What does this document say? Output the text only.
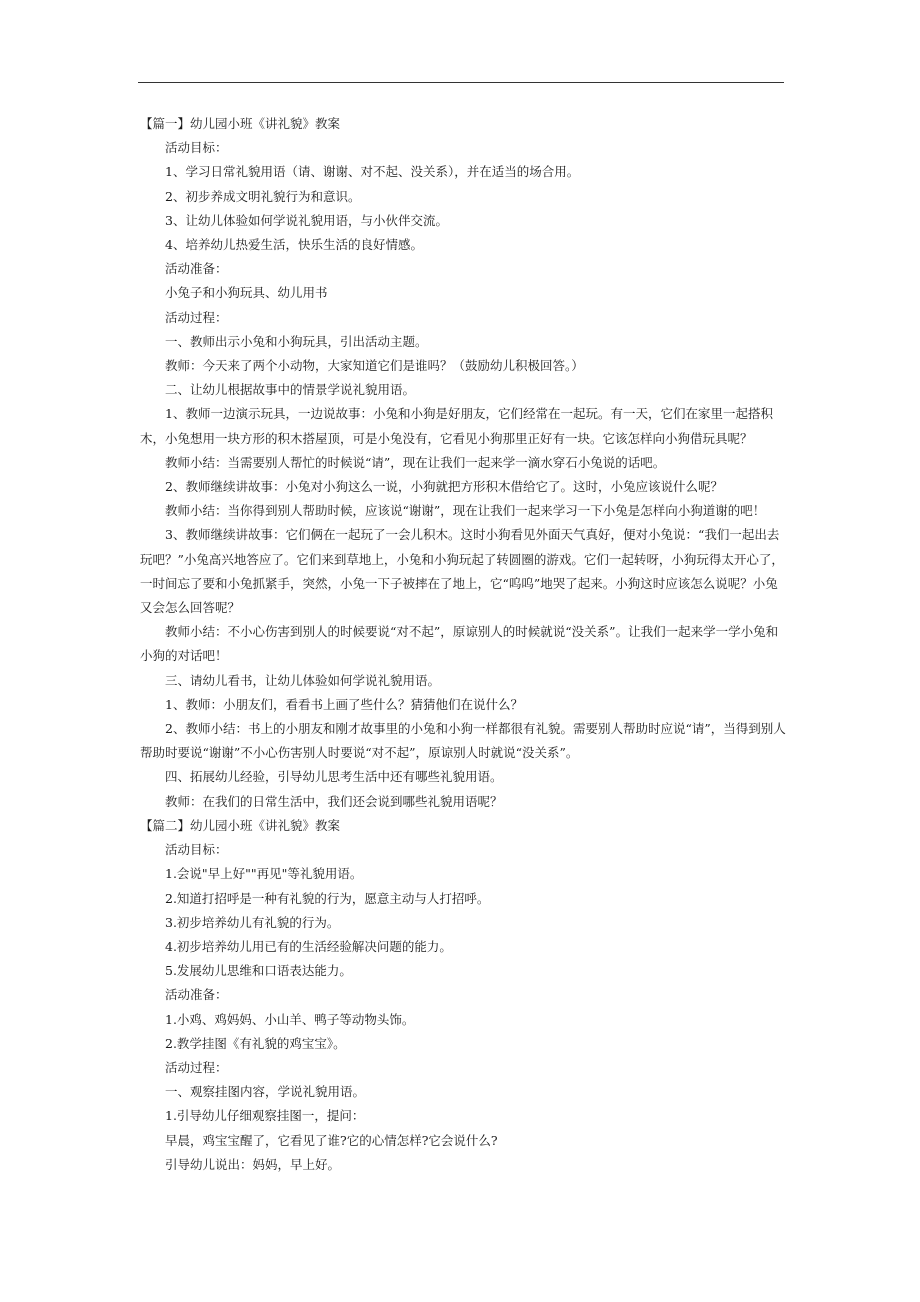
【篇一】幼儿园小班《讲礼貌》教案

活动目标：

1、学习日常礼貌用语（请、谢谢、对不起、没关系），并在适当的场合用。

2、初步养成文明礼貌行为和意识。

3、让幼儿体验如何学说礼貌用语，与小伙伴交流。

4、培养幼儿热爱生活，快乐生活的良好情感。

活动准备：

小兔子和小狗玩具、幼儿用书

活动过程：

一、教师出示小兔和小狗玩具，引出活动主题。

教师：今天来了两个小动物，大家知道它们是谁吗？（鼓励幼儿积极回答。）

二、让幼儿根据故事中的情景学说礼貌用语。

1、教师一边演示玩具，一边说故事：小兔和小狗是好朋友，它们经常在一起玩。有一天，它们在家里一起搭积木，小兔想用一块方形的积木搭屋顶，可是小兔没有，它看见小狗那里正好有一块。它该怎样向小狗借玩具呢？

教师小结：当需要别人帮忙的时候说“请”，现在让我们一起来学一滴水穿石小兔说的话吧。

2、教师继续讲故事：小兔对小狗这么一说，小狗就把方形积木借给它了。这时，小兔应该说什么呢？

教师小结：当你得到别人帮助时候，应该说“谢谢”，现在让我们一起来学习一下小兔是怎样向小狗道谢的吧！

3、教师继续讲故事：它们俩在一起玩了一会儿积木。这时小狗看见外面天气真好，便对小兔说：“我们一起出去玩吧？”小兔高兴地答应了。它们来到草地上，小兔和小狗玩起了转圆圈的游戏。它们一起转呀，小狗玩得太开心了，一时间忘了要和小兔抓紧手，突然，小兔一下子被摔在了地上，它“呜呜”地哭了起来。小狗这时应该怎么说呢？小兔又会怎么回答呢？

教师小结：不小心伤害到别人的时候要说“对不起”，原谅别人的时候就说“没关系”。让我们一起来学一学小兔和小狗的对话吧！

三、请幼儿看书，让幼儿体验如何学说礼貌用语。

1、教师：小朋友们，看看书上画了些什么？猜猜他们在说什么？

2、教师小结：书上的小朋友和刚才故事里的小兔和小狗一样都很有礼貌。需要别人帮助时应说“请”，当得到别人帮助时要说“谢谢”不小心伤害别人时要说“对不起”，原谅别人时就说“没关系”。

四、拓展幼儿经验，引导幼儿思考生活中还有哪些礼貌用语。

教师：在我们的日常生活中，我们还会说到哪些礼貌用语呢？

【篇二】幼儿园小班《讲礼貌》教案

活动目标：

1.会说"早上好""再见"等礼貌用语。

2.知道打招呼是一种有礼貌的行为，愿意主动与人打招呼。

3.初步培养幼儿有礼貌的行为。

4.初步培养幼儿用已有的生活经验解决问题的能力。

5.发展幼儿思维和口语表达能力。

活动准备：

1.小鸡、鸡妈妈、小山羊、鸭子等动物头饰。

2.教学挂图《有礼貌的鸡宝宝》。

活动过程：

一、观察挂图内容，学说礼貌用语。

1.引导幼儿仔细观察挂图一，提问：

早晨，鸡宝宝醒了，它看见了谁?它的心情怎样?它会说什么?

引导幼儿说出：妈妈，早上好。
